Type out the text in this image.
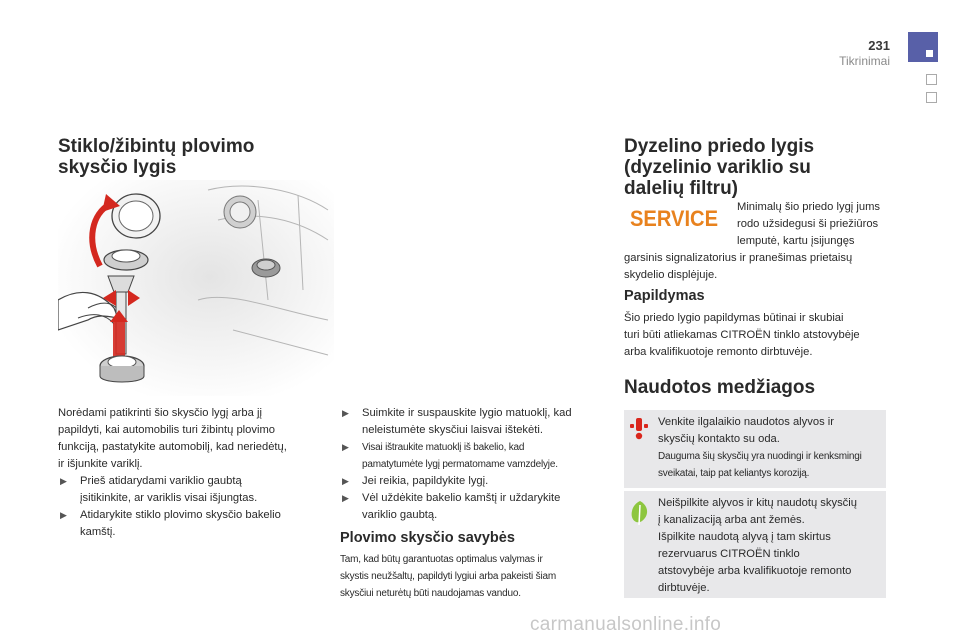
231
Tikrinimai
Stiklo/žibintų plovimo
skysčio lygis
Norėdami patikrinti šio skysčio lygį arba jį
papildyti, kai automobilis turi žibintų plovimo
funkciją, pastatykite automobilį, kad neriedėtų,
ir išjunkite variklį.
▶ Prieš atidarydami variklio gaubtą
įsitikinkite, ar variklis visai išjungtas.
▶ Atidarykite stiklo plovimo skysčio bakelio
kamštį.
▶ Suimkite ir suspauskite lygio matuoklį, kad
neleistumėte skysčiui laisvai ištekėti.
▶ Visai ištraukite matuoklį iš bakelio, kad
pamatytumėte lygį permatomame vamzdelyje.
▶ Jei reikia, papildykite lygį.
▶ Vėl uždėkite bakelio kamštį ir uždarykite
variklio gaubtą.
Plovimo skysčio savybės
Tam, kad būtų garantuotas optimalus valymas ir
skystis neužšaltų, papildyti lygiui arba pakeisti šiam
skysčiui neturėtų būti naudojamas vanduo.
Dyzelino priedo lygis
(dyzelinio variklio su
dalelių filtru)
SERVICE Minimalų šio priedo lygį jums
rodo užsidegusi ši priežiūros
lemputė, kartu įsijungęs
garsinis signalizatorius ir pranešimas prietaisų
skydelio displėjuje.
Papildymas
Šio priedo lygio papildymas būtinai ir skubiai
turi būti atliekamas CITROËN tinklo atstovybėje
arba kvalifikuotoje remonto dirbtuvėje.
Naudotos medžiagos
Venkite ilgalaikio naudotos alyvos ir
skysčių kontakto su oda.
Dauguma šių skysčių yra nuodingi ir kenksmingi
sveikatai, taip pat keliantys koroziją.
Neišpilkite alyvos ir kitų naudotų skysčių
į kanalizaciją arba ant žemės.
Išpilkite naudotą alyvą į tam skirtus
rezervuarus CITROËN tinklo
atstovybėje arba kvalifikuotoje remonto
dirbtuvėje.
carmanualsonline.info
